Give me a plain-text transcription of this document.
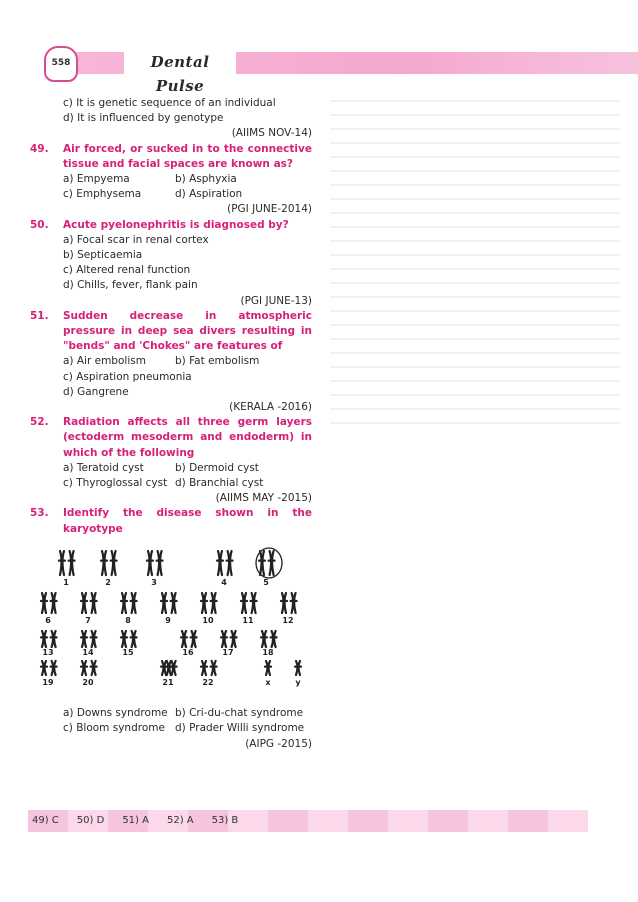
558	Dental Pulse
c) It is genetic sequence of an individual
d) It is influenced by genotype
(AIIMS NOV-14)
49.	Air forced, or sucked in to the connective tissue and facial spaces are known as?
a) Empyema	b) Asphyxia
c) Emphysema	d) Aspiration
(PGI JUNE-2014)
50.	Acute pyelonephritis is diagnosed by?
a) Focal scar in renal cortex
b) Septicaemia
c) Altered renal function
d) Chills, fever, flank pain
(PGI JUNE-13)
51.	Sudden decrease in atmospheric pressure in deep sea divers resulting in "bends" and 'Chokes" are features of
a) Air embolism	b) Fat embolism
c) Aspiration pneumonia
d) Gangrene
(KERALA -2016)
52.	Radiation affects all three germ layers (ectoderm mesoderm and endoderm) in which of the following
a) Teratoid cyst	b) Dermoid cyst
c) Thyroglossal cyst d) Branchial cyst
(AIIMS MAY -2015)
53.	Identify the disease shown in the karyotype
1	2	3	4	5
6	7	8	9	10	11	12
13	14	15	16	17	18
19	20	21	22	x	y
a) Downs syndrome b) Cri-du-chat syndrome
c) Bloom syndrome d) Prader Willi syndrome
(AIPG -2015)
49) C 50) D 51) A 52) A 53) B
